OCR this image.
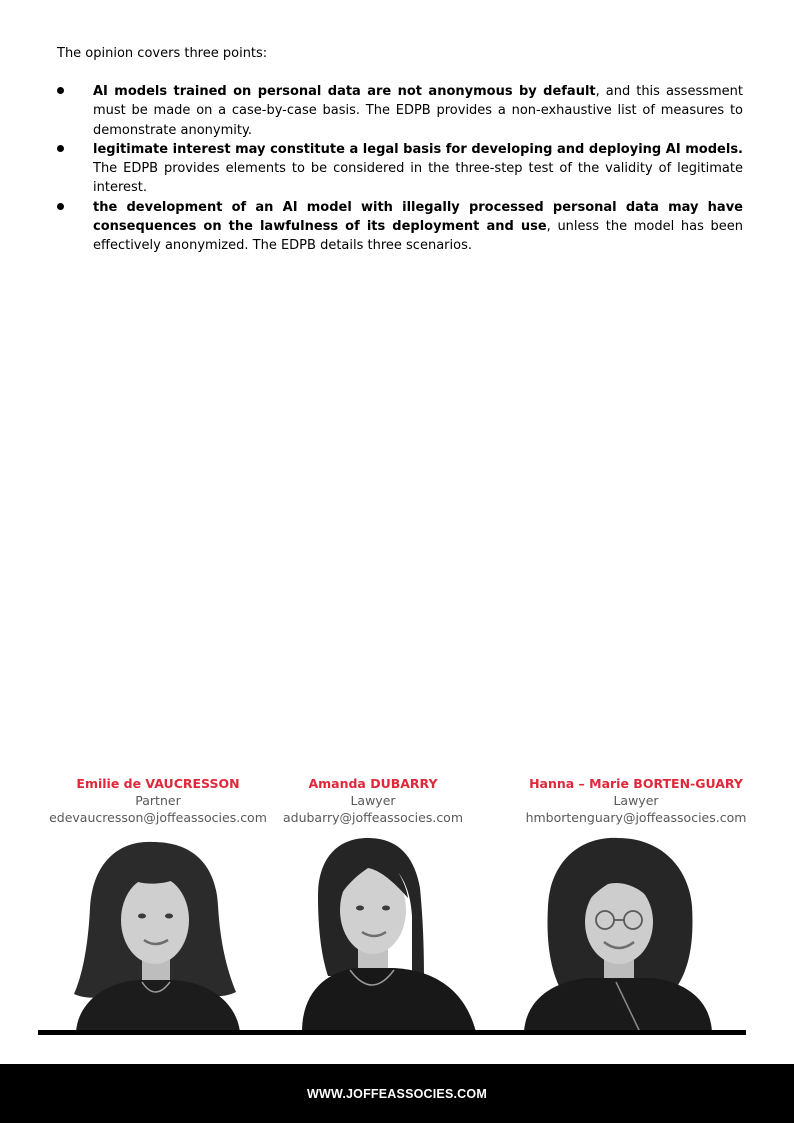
The opinion covers three points:

AI models trained on personal data are not anonymous by default, and this assessment must be made on a case-by-case basis. The EDPB provides a non-exhaustive list of measures to demonstrate anonymity.
legitimate interest may constitute a legal basis for developing and deploying AI models. The EDPB provides elements to be considered in the three-step test of the validity of legitimate interest.
the development of an AI model with illegally processed personal data may have consequences on the lawfulness of its deployment and use, unless the model has been effectively anonymized. The EDPB details three scenarios.
Emilie de VAUCRESSON
Partner
edevaucresson@joffeassocies.com
Amanda DUBARRY
Lawyer
adubarry@joffeassocies.com
Hanna – Marie BORTEN-GUARY
Lawyer
hmbortenguary@joffeassocies.com
WWW.JOFFEASSOCIES.COM
